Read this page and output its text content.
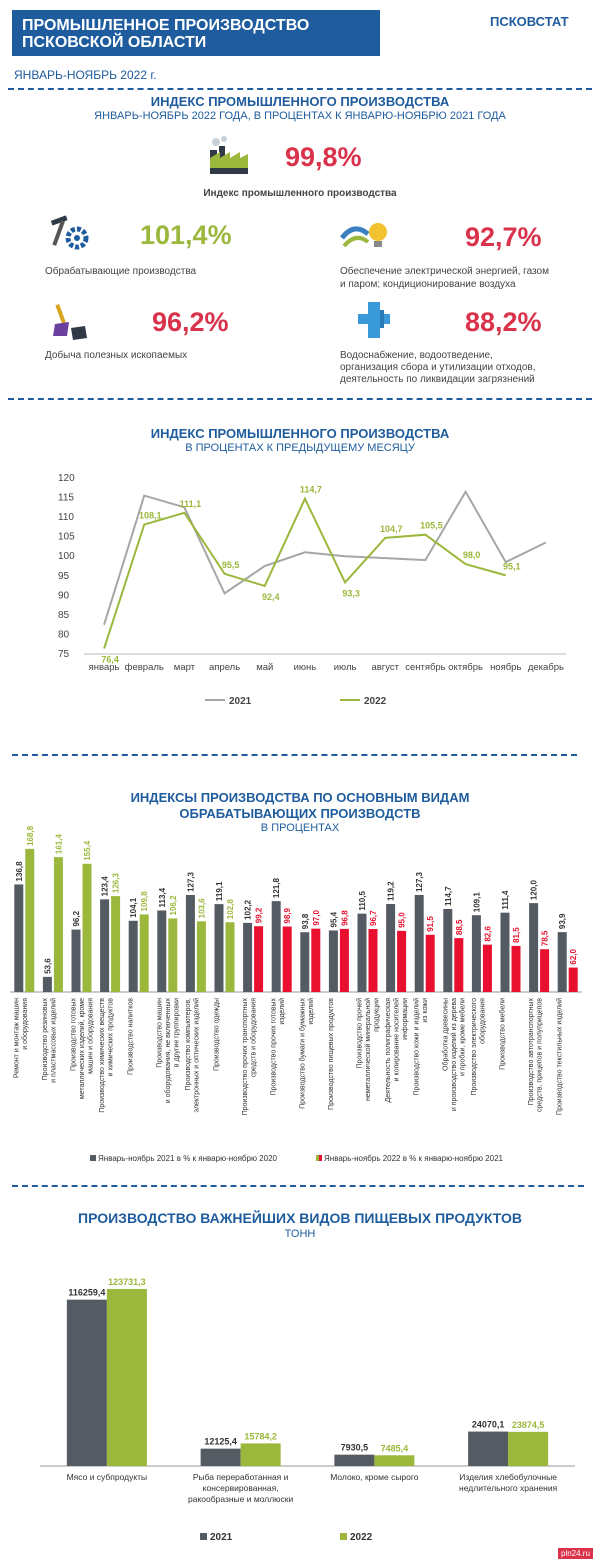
ПРОМЫШЛЕННОЕ ПРОИЗВОДСТВО
ПСКОВСКОЙ ОБЛАСТИ
ПСКОВСТАТ
ЯНВАРЬ-НОЯБРЬ 2022 г.
ИНДЕКС ПРОМЫШЛЕННОГО ПРОИЗВОДСТВА
ЯНВАРЬ-НОЯБРЬ 2022 ГОДА, В ПРОЦЕНТАХ К ЯНВАРЮ-НОЯБРЮ 2021 ГОДА
99,8%
Индекс промышленного производства
101,4%
Обрабатывающие производства
92,7%
Обеспечение электрической энергией, газом
и паром; кондиционирование воздуха
96,2%
Добыча полезных ископаемых
88,2%
Водоснабжение, водоотведение,
организация сбора и утилизации отходов,
деятельность по ликвидации загрязнений
ИНДЕКС ПРОМЫШЛЕННОГО ПРОИЗВОДСТВА
В ПРОЦЕНТАХ К ПРЕДЫДУЩЕМУ МЕСЯЦУ
75
80
85
90
95
100
105
110
115
120
январь февраль март апрель май июнь июль август сентябрь октябрь ноябрь декабрь
76,4
108,1
111,1
95,5
92,4
114,7
93,3
104,7 105,5
98,0
95,1
2021	2022
ИНДЕКСЫ ПРОИЗВОДСТВА ПО ОСНОВНЫМ ВИДАМ
ОБРАБАТЫВАЮЩИХ ПРОИЗВОДСТВ
В ПРОЦЕНТАХ
136,8
168,8
Ремонт и монтаж машин и оборудования
53,6
161,4
Производство резиновых и пластмассовых изделий
96,2
155,4
Производство готовых металлических изделий, кроме машин и оборудования
123,4 126,3
Производство химических веществ и химических продуктов
104,1 109,8
Производство напитков
113,4 106,2
Производство машин и оборудования, не включенных в другие группировки
127,3
103,6
Производство компьютеров, электронных и оптических изделий
119,1
102,8
Производство одежды
102,2 99,2
Производство прочих транспортных средств и оборудования
121,8
98,9
Производство прочих готовых изделий
93,8 97,0
Производство бумаги и бумажных изделий
95,4 96,8
Производство пищевых продуктов
110,5
96,7
Производство прочей неметаллической минеральной продукции
119,2
95,0
Деятельность полиграфическая и копирование носителей информации
127,3
91,5
Производство кожи и изделий из кожи
114,7
88,5
Обработка древесины и производство изделий из дерева и пробки, кроме мебели
109,1
82,6
Производство электрического оборудования
111,4
81,5
Производство мебели
120,0
78,5
Производство автотранспортных средств, прицепов и полуприцепов
93,9
62,0
Производство текстильных изделий
Январь-ноябрь 2021 в % к январю-ноябрю 2020	Январь-ноябрь 2022 в % к январю-ноябрю 2021
ПРОИЗВОДСТВО ВАЖНЕЙШИХ ВИДОВ ПИЩЕВЫХ ПРОДУКТОВ
ТОНН
116259,4
123731,3
Мясо и субпродукты
12125,4
15784,2
Рыба переработанная и
консервированная,
ракообразные и моллюски
7930,5 7485,4
Молоко, кроме сырого
24070,1 23874,5
Изделия хлебобулочные
недлительного хранения
2021	2022
pln24.ru
